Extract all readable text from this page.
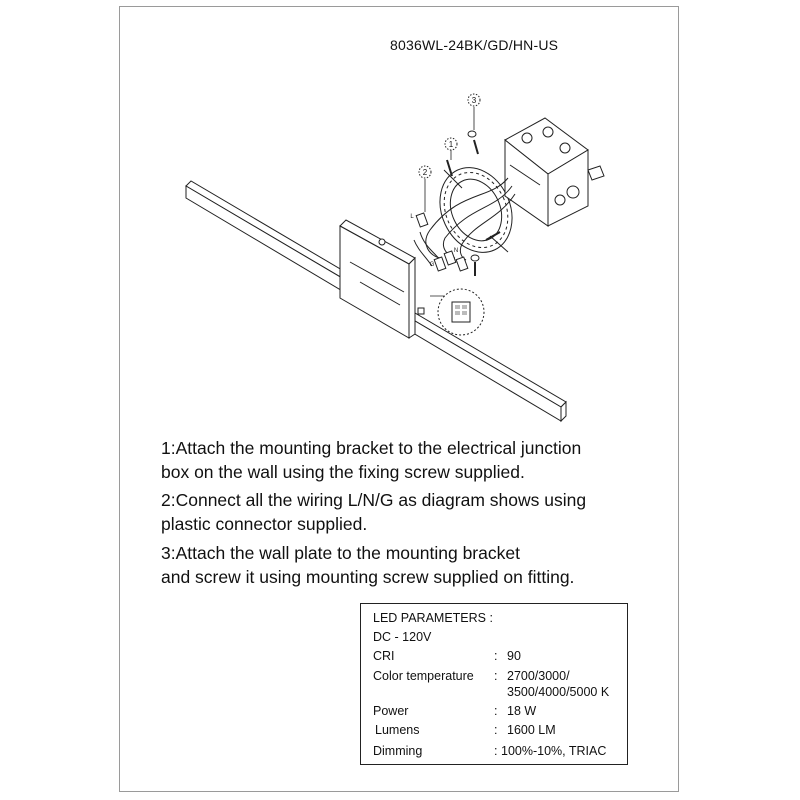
8036WL-24BK/GD/HN-US
3
1
2
L
N
G
1:Attach the mounting bracket to the electrical junction
box on the wall using the fixing screw supplied.
2:Connect all the wiring L/N/G as diagram shows using
plastic connector supplied.
3:Attach the wall plate to the mounting bracket
and screw it using mounting screw supplied on fitting.
LED PARAMETERS :
DC - 120V
CRI	: 90
Color temperature : 2700/3000/
3500/4000/5000 K
Power	: 18 W
Lumens	: 1600 LM
Dimming	: 100%-10%, TRIAC
